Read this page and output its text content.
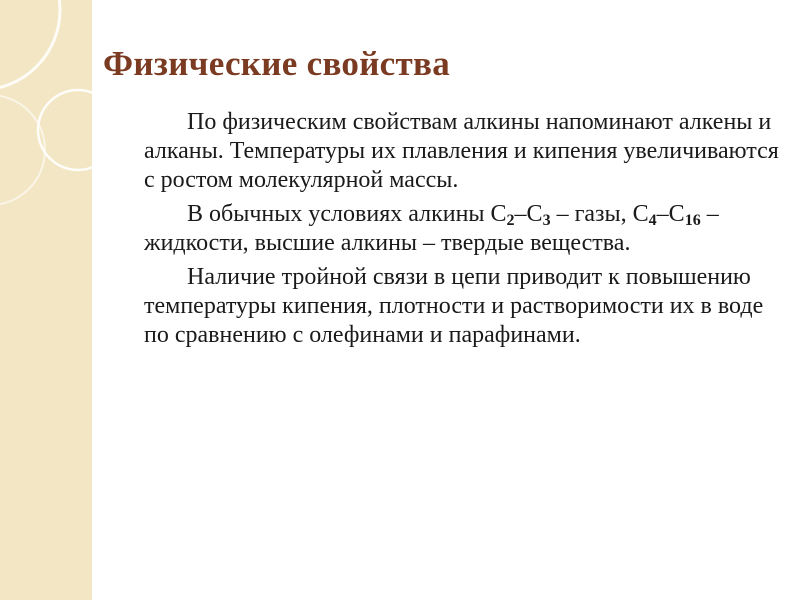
Физические свойства

По физическим свойствам алкины напоминают алкены и алканы. Температуры их плавления и кипения увеличиваются с ростом молекулярной массы.

В обычных условиях алкины $С_2-С_3$ – газы, $С_4-С_{16}$ – жидкости, высшие алкины – твердые вещества.

Наличие тройной связи в цепи приводит к повышению температуры кипения, плотности и растворимости их в воде по сравнению с олефинами и парафинами.
